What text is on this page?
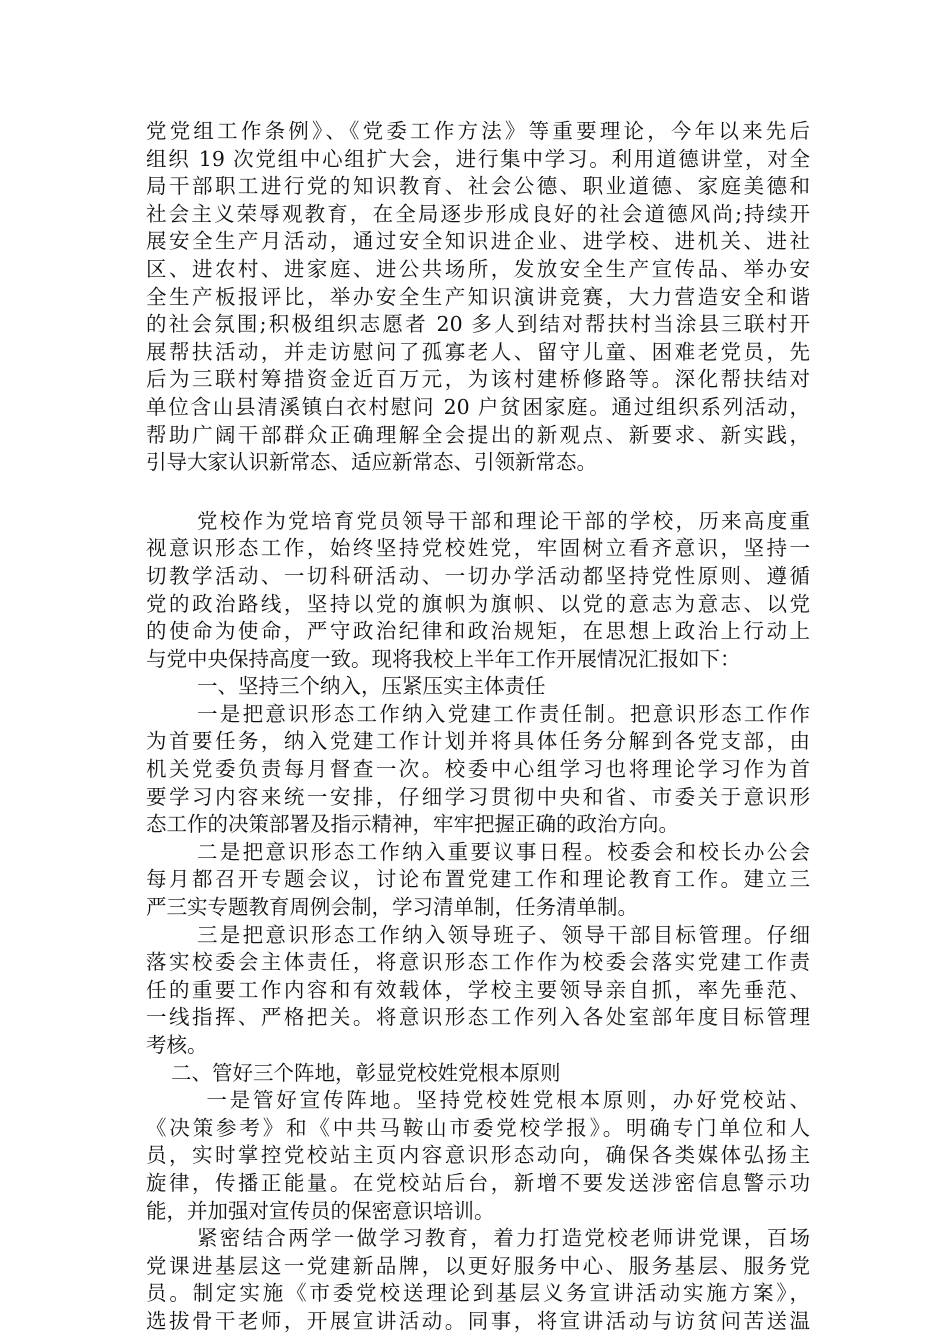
党党组工作条例》、《党委工作方法》等重要理论，今年以来先后
组织 19 次党组中心组扩大会，进行集中学习。利用道德讲堂，对全
局干部职工进行党的知识教育、社会公德、职业道德、家庭美德和
社会主义荣辱观教育，在全局逐步形成良好的社会道德风尚;持续开
展安全生产月活动，通过安全知识进企业、进学校、进机关、进社
区、进农村、进家庭、进公共场所，发放安全生产宣传品、举办安
全生产板报评比，举办安全生产知识演讲竞赛，大力营造安全和谐
的社会氛围;积极组织志愿者 20 多人到结对帮扶村当涂县三联村开
展帮扶活动，并走访慰问了孤寡老人、留守儿童、困难老党员，先
后为三联村筹措资金近百万元，为该村建桥修路等。深化帮扶结对
单位含山县清溪镇白衣村慰问 20 户贫困家庭。通过组织系列活动，
帮助广阔干部群众正确理解全会提出的新观点、新要求、新实践，
引导大家认识新常态、适应新常态、引领新常态。
党校作为党培育党员领导干部和理论干部的学校，历来高度重
视意识形态工作，始终坚持党校姓党，牢固树立看齐意识，坚持一
切教学活动、一切科研活动、一切办学活动都坚持党性原则、遵循
党的政治路线，坚持以党的旗帜为旗帜、以党的意志为意志、以党
的使命为使命，严守政治纪律和政治规矩，在思想上政治上行动上
与党中央保持高度一致。现将我校上半年工作开展情况汇报如下：
一、坚持三个纳入，压紧压实主体责任
一是把意识形态工作纳入党建工作责任制。把意识形态工作作
为首要任务，纳入党建工作计划并将具体任务分解到各党支部，由
机关党委负责每月督查一次。校委中心组学习也将理论学习作为首
要学习内容来统一安排，仔细学习贯彻中央和省、市委关于意识形
态工作的决策部署及指示精神，牢牢把握正确的政治方向。
二是把意识形态工作纳入重要议事日程。校委会和校长办公会
每月都召开专题会议，讨论布置党建工作和理论教育工作。建立三
严三实专题教育周例会制，学习清单制，任务清单制。
三是把意识形态工作纳入领导班子、领导干部目标管理。仔细
落实校委会主体责任，将意识形态工作作为校委会落实党建工作责
任的重要工作内容和有效载体，学校主要领导亲自抓，率先垂范、
一线指挥、严格把关。将意识形态工作列入各处室部年度目标管理
考核。
二、管好三个阵地，彰显党校姓党根本原则
一是管好宣传阵地。坚持党校姓党根本原则，办好党校站、
《决策参考》和《中共马鞍山市委党校学报》。明确专门单位和人
员，实时掌控党校站主页内容意识形态动向，确保各类媒体弘扬主
旋律，传播正能量。在党校站后台，新增不要发送涉密信息警示功
能，并加强对宣传员的保密意识培训。
紧密结合两学一做学习教育，着力打造党校老师讲党课，百场
党课进基层这一党建新品牌，以更好服务中心、服务基层、服务党
员。制定实施《市委党校送理论到基层义务宣讲活动实施方案》，
选拔骨干老师，开展宣讲活动。同事，将宣讲活动与访贫问苦送温
